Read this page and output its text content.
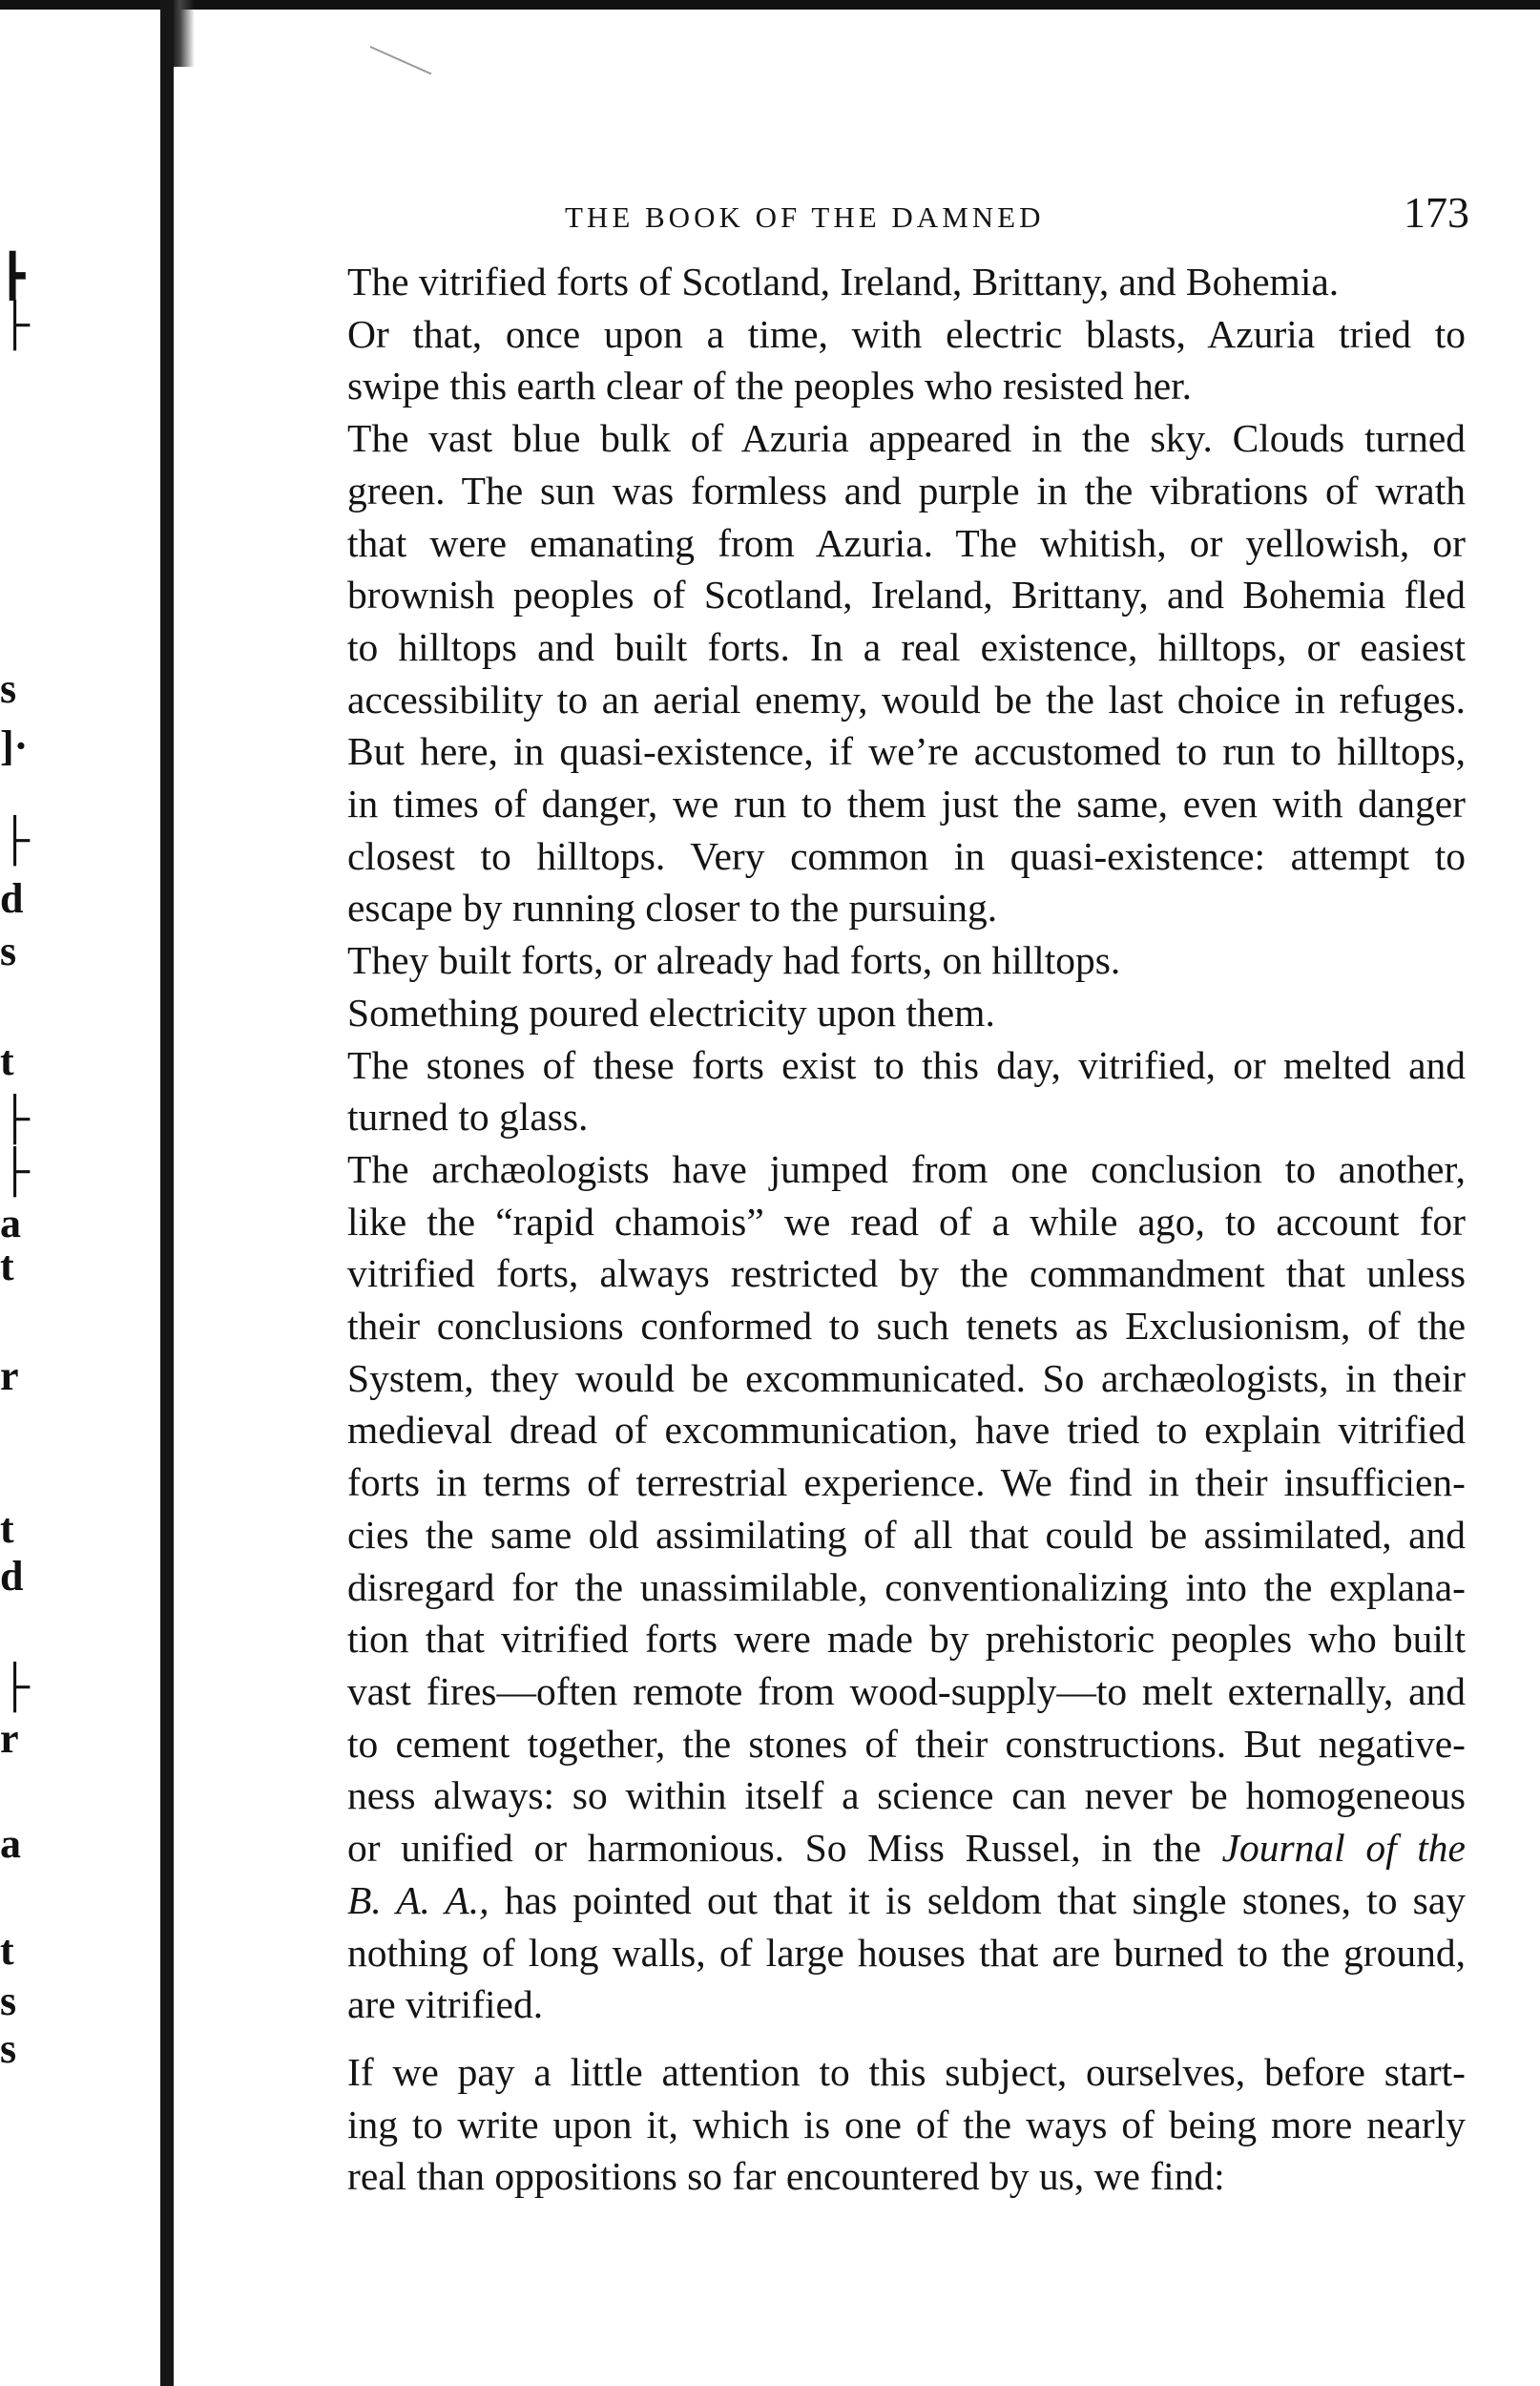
┣
├
s
]·
├
d
s
t
├
├
a
t
r
t
d
├
r
a
t
s
s
THE BOOK OF THE DAMNED	173

The vitrified forts of Scotland, Ireland, Brittany, and Bohemia.

Or that, once upon a time, with electric blasts, Azuria tried to
swipe this earth clear of the peoples who resisted her.

The vast blue bulk of Azuria appeared in the sky. Clouds turned
green. The sun was formless and purple in the vibrations of wrath
that were emanating from Azuria. The whitish, or yellowish, or
brownish peoples of Scotland, Ireland, Brittany, and Bohemia fled
to hilltops and built forts. In a real existence, hilltops, or easiest
accessibility to an aerial enemy, would be the last choice in refuges.
But here, in quasi-existence, if we’re accustomed to run to hilltops,
in times of danger, we run to them just the same, even with danger
closest to hilltops. Very common in quasi-existence: attempt to
escape by running closer to the pursuing.

They built forts, or already had forts, on hilltops.

Something poured electricity upon them.

The stones of these forts exist to this day, vitrified, or melted and
turned to glass.

The archæologists have jumped from one conclusion to another,
like the “rapid chamois” we read of a while ago, to account for
vitrified forts, always restricted by the commandment that unless
their conclusions conformed to such tenets as Exclusionism, of the
System, they would be excommunicated. So archæologists, in their
medieval dread of excommunication, have tried to explain vitrified
forts in terms of terrestrial experience. We find in their insufficien-
cies the same old assimilating of all that could be assimilated, and
disregard for the unassimilable, conventionalizing into the explana-
tion that vitrified forts were made by prehistoric peoples who built
vast fires—often remote from wood-supply—to melt externally, and
to cement together, the stones of their constructions. But negative-
ness always: so within itself a science can never be homogeneous
or unified or harmonious. So Miss Russel, in the Journal of the
B. A. A., has pointed out that it is seldom that single stones, to say
nothing of long walls, of large houses that are burned to the ground,
are vitrified.

If we pay a little attention to this subject, ourselves, before start-
ing to write upon it, which is one of the ways of being more nearly
real than oppositions so far encountered by us, we find:
